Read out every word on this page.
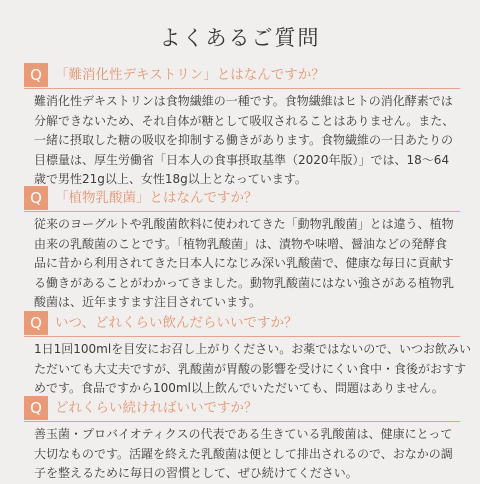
よくあるご質問
Q 「難消化性デキストリン」とはなんですか？

難消化性デキストリンは食物繊維の一種です。食物繊維はヒトの消化酵素では

分解できないため、それ自体が糖として吸収されることはありません。また、

一緒に摂取した糖の吸収を抑制する働きがあります。食物繊維の一日あたりの

目標量は、厚生労働省「日本人の食事摂取基準（2020年版）」では、18〜64

歳で男性21g以上、女性18g以上となっています。

Q 「植物乳酸菌」とはなんですか？

従来のヨーグルトや乳酸菌飲料に使われてきた「動物乳酸菌」とは違う、植物

由来の乳酸菌のことです。「植物乳酸菌」は、漬物や味噌、醤油などの発酵食

品に昔から利用されてきた日本人になじみ深い乳酸菌で、健康な毎日に貢献す

る働きがあることがわかってきました。動物乳酸菌にはない強さがある植物乳

酸菌は、近年ますます注目されています。

Q いつ、どれくらい飲んだらいいですか？

1日1回100mlを目安にお召し上がりください。お薬ではないので、いつお飲みい

ただいても大丈夫ですが、乳酸菌が胃酸の影響を受けにくい食中・食後がおすす

めです。食品ですから100ml以上飲んでいただいても、問題はありません。

Q どれくらい続ければいいですか？

善玉菌・プロバイオティクスの代表である生きている乳酸菌は、健康にとって

大切なものです。活躍を終えた乳酸菌は便として排出されるので、おなかの調

子を整えるために毎日の習慣として、ぜひ続けてください。
